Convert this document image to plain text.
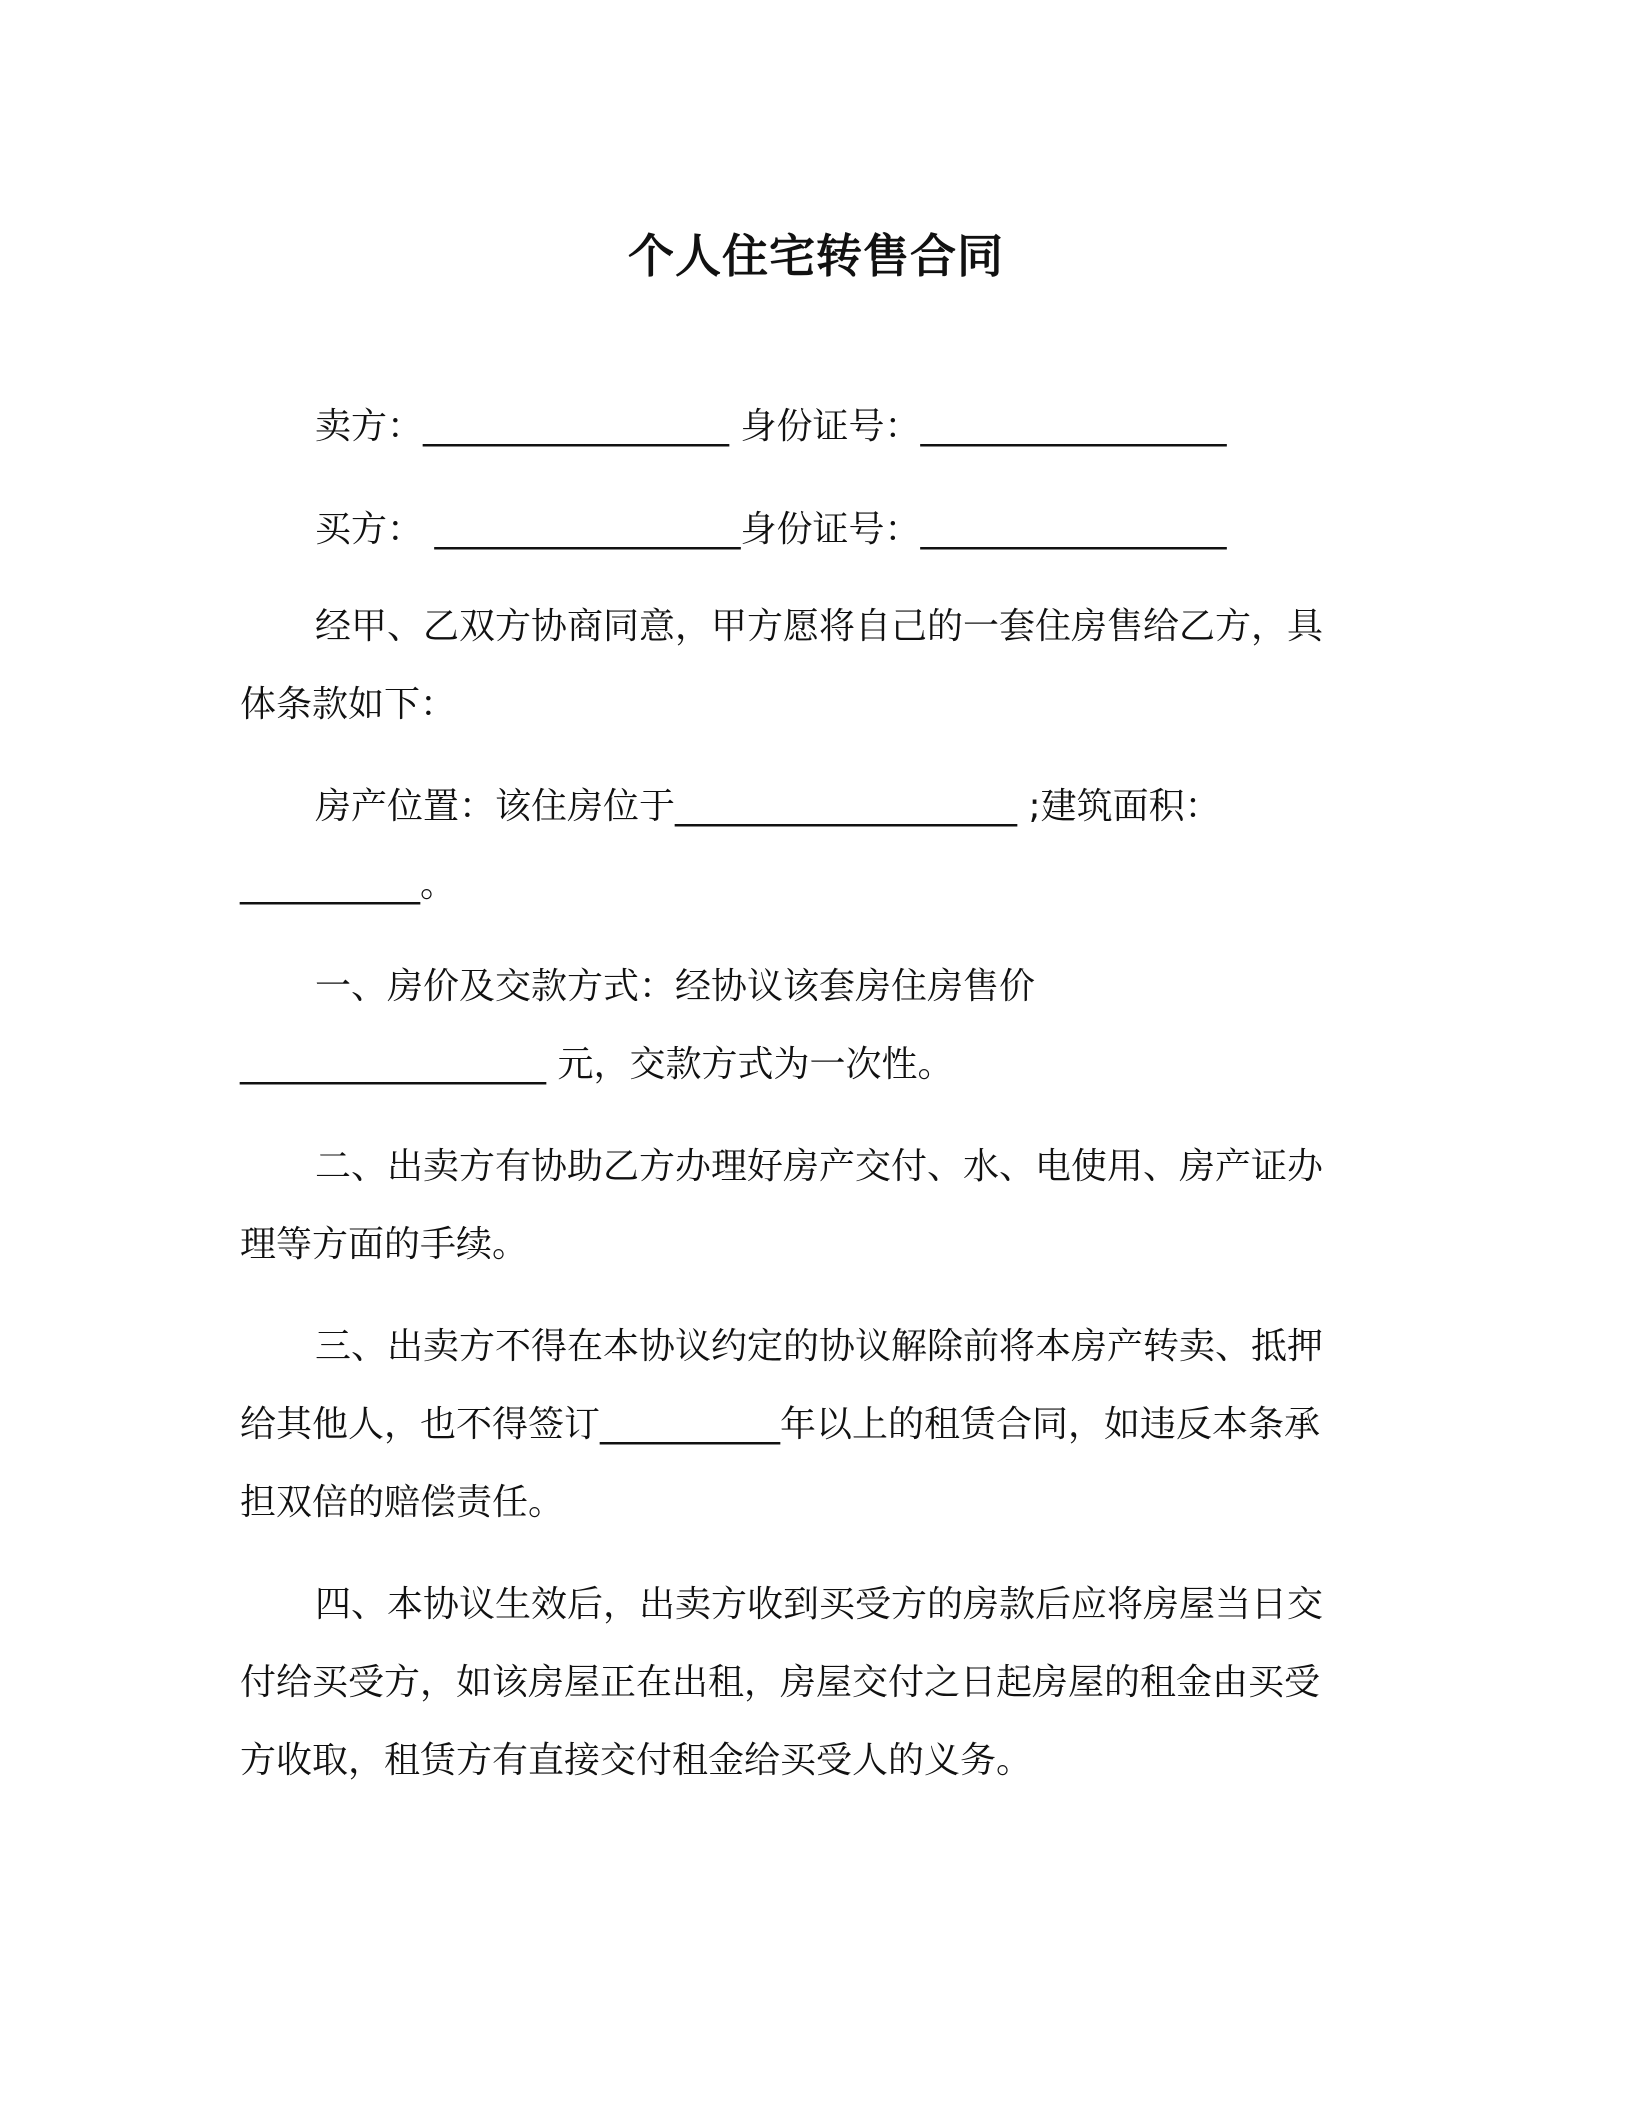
个人住宅转售合同
卖方：_________________ 身份证号：_________________
买方： _________________身份证号：_________________
经甲、乙双方协商同意，甲方愿将自己的一套住房售给乙方，具
体条款如下：
房产位置：该住房位于___________________ ;建筑面积：
__________。
一、房价及交款方式：经协议该套房住房售价
_________________ 元，交款方式为一次性。
二、出卖方有协助乙方办理好房产交付、水、电使用、房产证办
理等方面的手续。
三、出卖方不得在本协议约定的协议解除前将本房产转卖、抵押
给其他人，也不得签订__________年以上的租赁合同，如违反本条承
担双倍的赔偿责任。
四、本协议生效后，出卖方收到买受方的房款后应将房屋当日交
付给买受方，如该房屋正在出租，房屋交付之日起房屋的租金由买受
方收取，租赁方有直接交付租金给买受人的义务。
